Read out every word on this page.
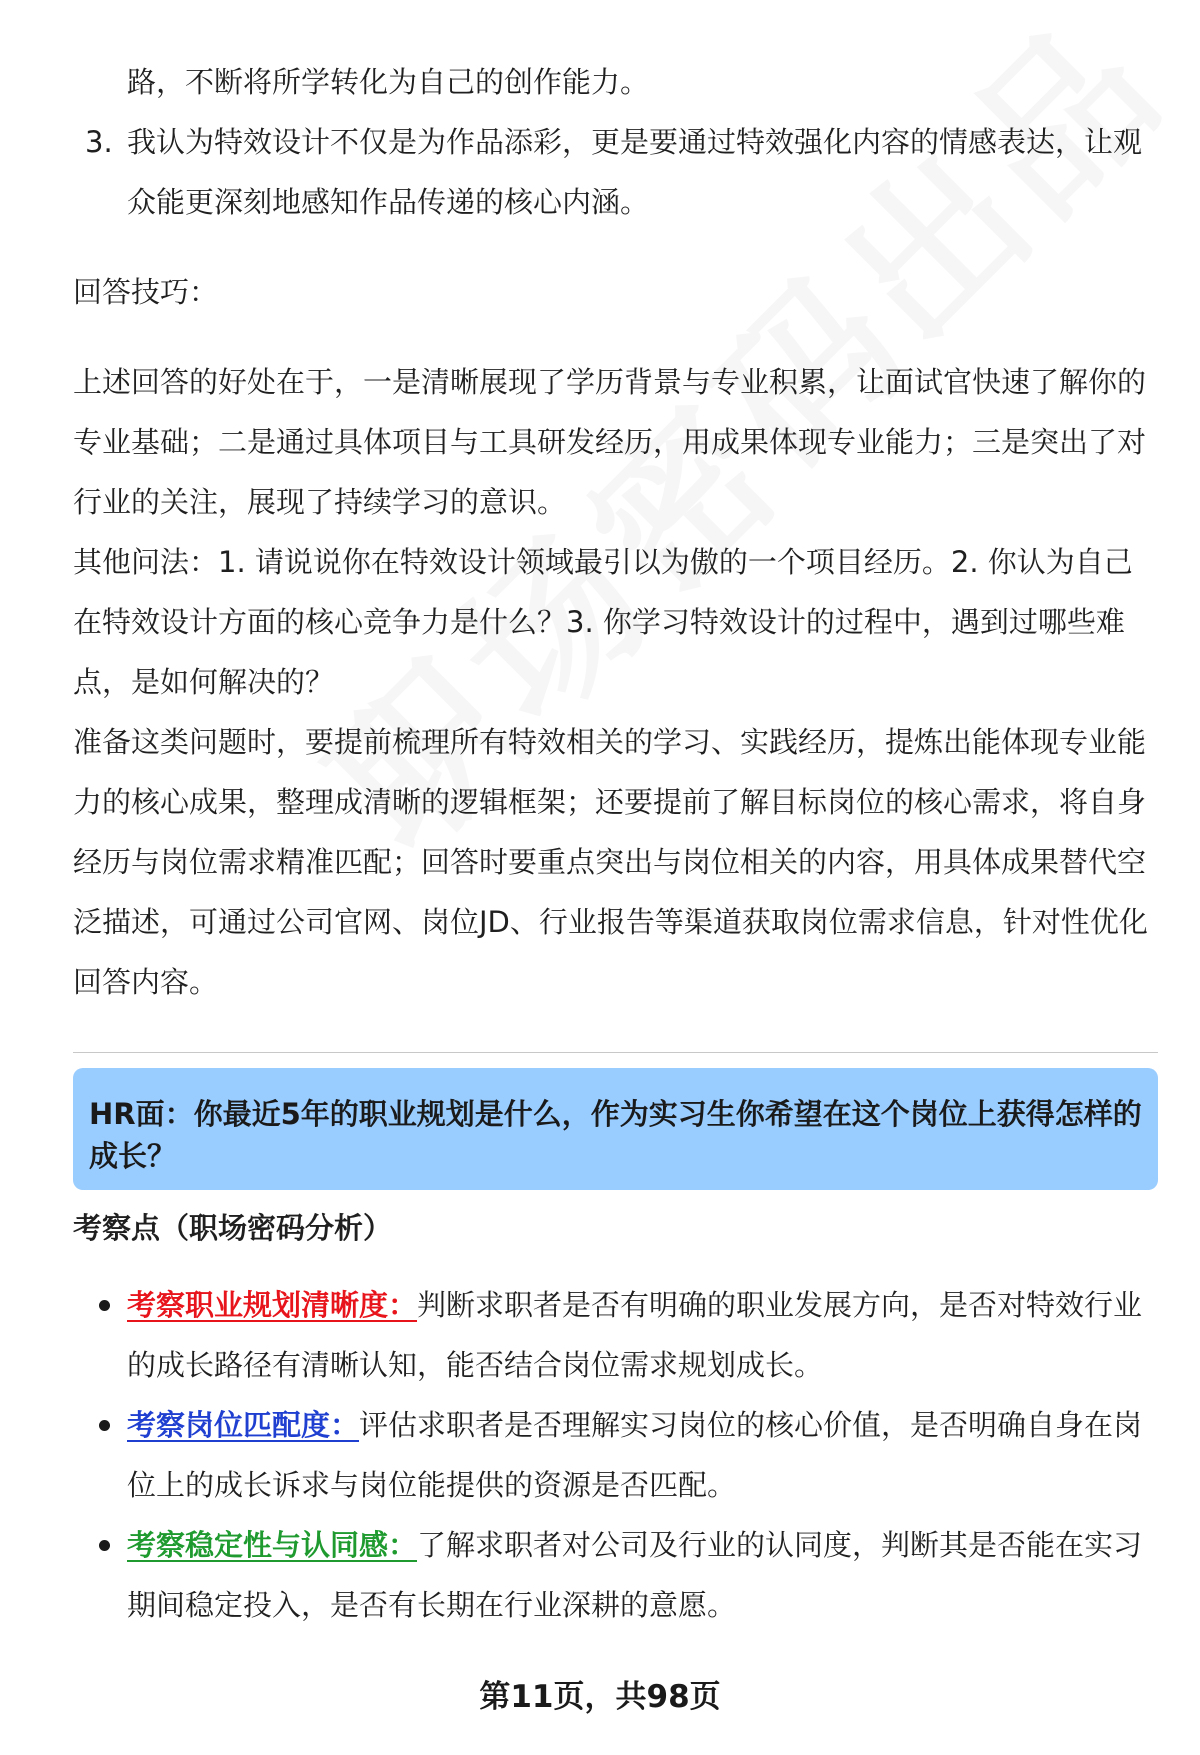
路，不断将所学转化为自己的创作能力。

3. 我认为特效设计不仅是为作品添彩，更是要通过特效强化内容的情感表达，让观众能更深刻地感知作品传递的核心内涵。

回答技巧：

上述回答的好处在于，一是清晰展现了学历背景与专业积累，让面试官快速了解你的专业基础；二是通过具体项目与工具研发经历，用成果体现专业能力；三是突出了对行业的关注，展现了持续学习的意识。

其他问法：1. 请说说你在特效设计领域最引以为傲的一个项目经历。2. 你认为自己在特效设计方面的核心竞争力是什么？3. 你学习特效设计的过程中，遇到过哪些难点，是如何解决的？

准备这类问题时，要提前梳理所有特效相关的学习、实践经历，提炼出能体现专业能力的核心成果，整理成清晰的逻辑框架；还要提前了解目标岗位的核心需求，将自身经历与岗位需求精准匹配；回答时要重点突出与岗位相关的内容，用具体成果替代空泛描述，可通过公司官网、岗位JD、行业报告等渠道获取岗位需求信息，针对性优化回答内容。

HR面：你最近5年的职业规划是什么，作为实习生你希望在这个岗位上获得怎样的成长？
考察点（职场密码分析）
考察职业规划清晰度：判断求职者是否有明确的职业发展方向，是否对特效行业的成长路径有清晰认知，能否结合岗位需求规划成长。
考察岗位匹配度：评估求职者是否理解实习岗位的核心价值，是否明确自身在岗位上的成长诉求与岗位能提供的资源是否匹配。
考察稳定性与认同感：了解求职者对公司及行业的认同度，判断其是否能在实习期间稳定投入，是否有长期在行业深耕的意愿。
第11页，共98页
